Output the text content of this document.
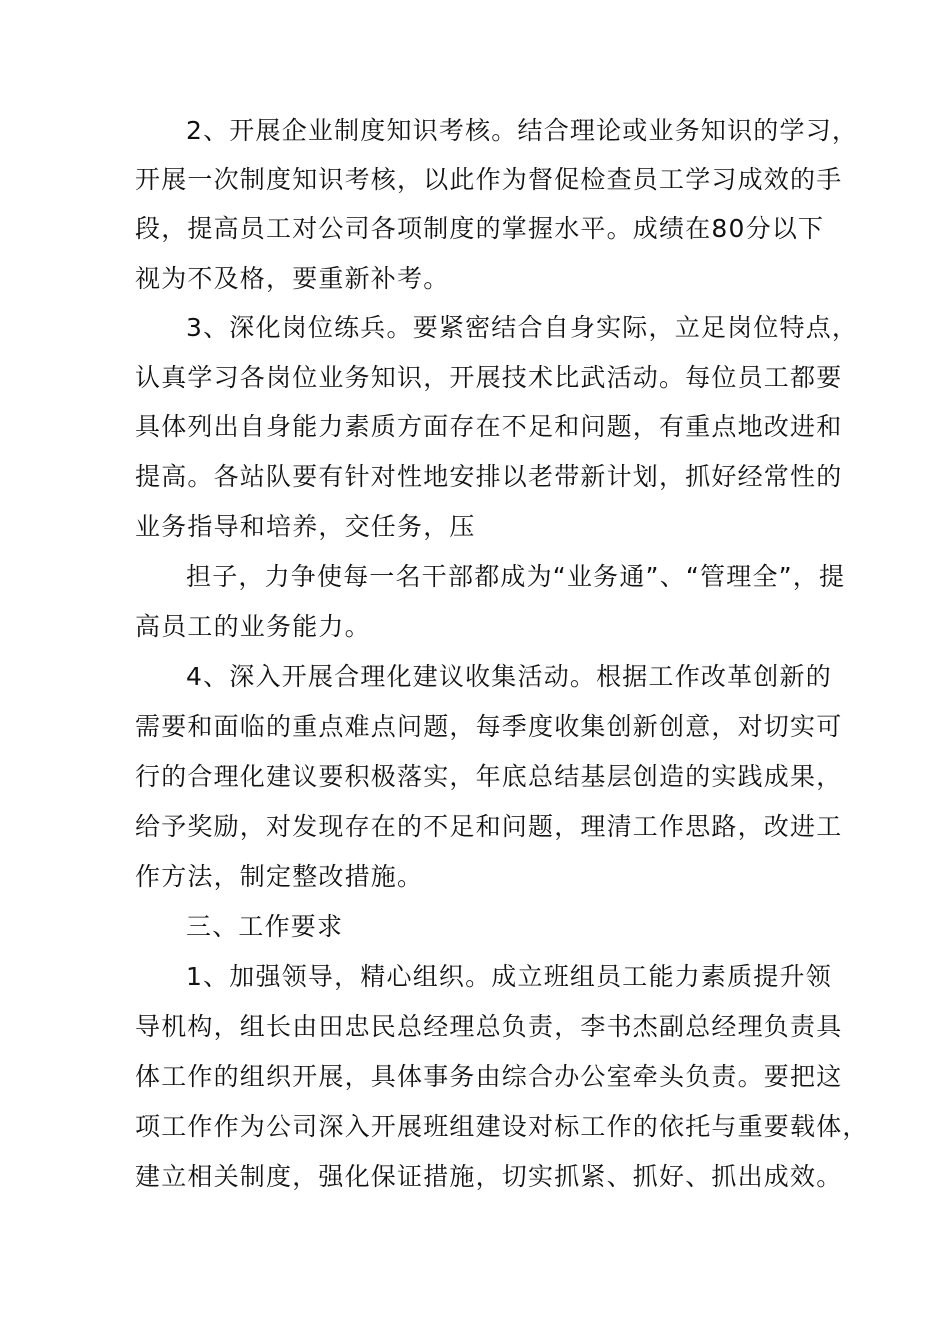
2、开展企业制度知识考核。结合理论或业务知识的学习，
开展一次制度知识考核，以此作为督促检查员工学习成效的手
段，提高员工对公司各项制度的掌握水平。成绩在80分以下
视为不及格，要重新补考。
3、深化岗位练兵。要紧密结合自身实际，立足岗位特点，
认真学习各岗位业务知识，开展技术比武活动。每位员工都要
具体列出自身能力素质方面存在不足和问题，有重点地改进和
提高。各站队要有针对性地安排以老带新计划，抓好经常性的
业务指导和培养，交任务，压
担子，力争使每一名干部都成为“业务通”、“管理全”，提
高员工的业务能力。
4、深入开展合理化建议收集活动。根据工作改革创新的
需要和面临的重点难点问题，每季度收集创新创意，对切实可
行的合理化建议要积极落实，年底总结基层创造的实践成果，
给予奖励，对发现存在的不足和问题，理清工作思路，改进工
作方法，制定整改措施。
三、工作要求
1、加强领导，精心组织。成立班组员工能力素质提升领
导机构，组长由田忠民总经理总负责，李书杰副总经理负责具
体工作的组织开展，具体事务由综合办公室牵头负责。要把这
项工作作为公司深入开展班组建设对标工作的依托与重要载体，
建立相关制度，强化保证措施，切实抓紧、抓好、抓出成效。
